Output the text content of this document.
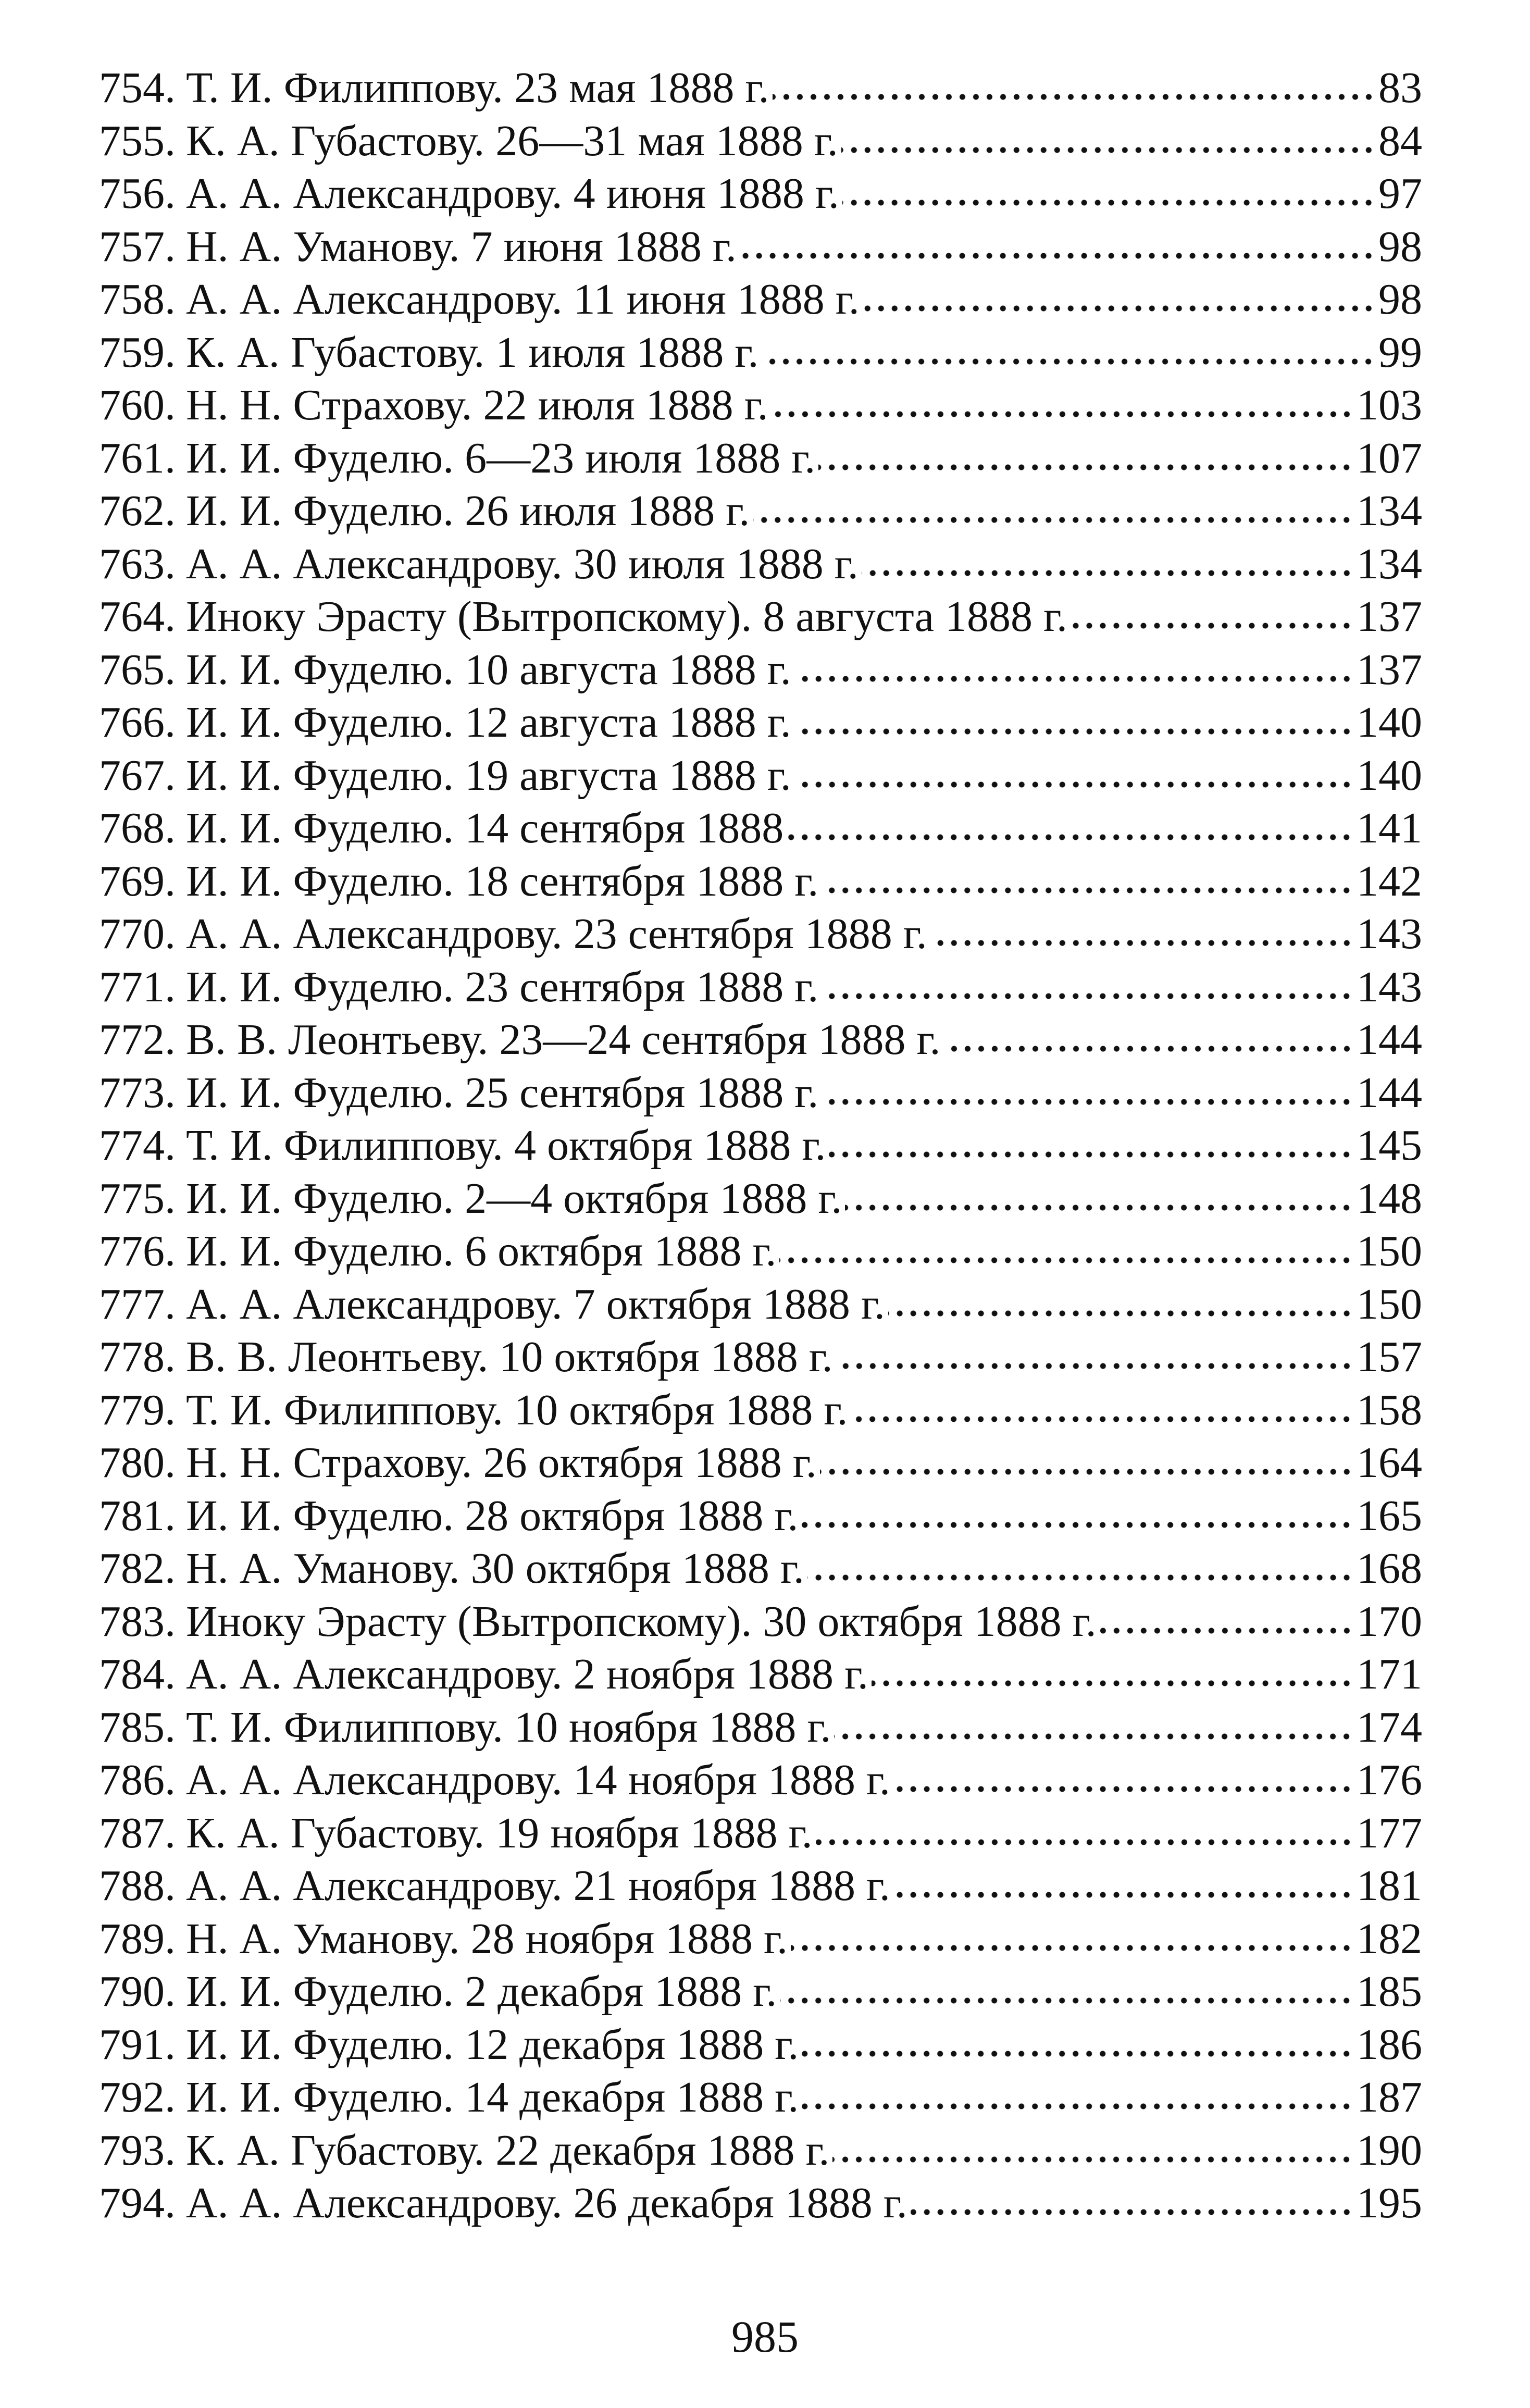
754. Т. И. Филиппову. 23 мая 1888 г.	83
755. К. А. Губастову. 26—31 мая 1888 г.	84
756. А. А. Александрову. 4 июня 1888 г.	97
757. Н. А. Уманову. 7 июня 1888 г.	98
758. А. А. Александрову. 11 июня 1888 г.	98
759. К. А. Губастову. 1 июля 1888 г.	99
760. Н. Н. Страхову. 22 июля 1888 г.	103
761. И. И. Фуделю. 6—23 июля 1888 г.	107
762. И. И. Фуделю. 26 июля 1888 г.	134
763. А. А. Александрову. 30 июля 1888 г.	134
764. Иноку Эрасту (Вытропскому). 8 августа 1888 г.	137
765. И. И. Фуделю. 10 августа 1888 г.	137
766. И. И. Фуделю. 12 августа 1888 г.	140
767. И. И. Фуделю. 19 августа 1888 г.	140
768. И. И. Фуделю. 14 сентября 1888	141
769. И. И. Фуделю. 18 сентября 1888 г.	142
770. А. А. Александрову. 23 сентября 1888 г.	143
771. И. И. Фуделю. 23 сентября 1888 г.	143
772. В. В. Леонтьеву. 23—24 сентября 1888 г.	144
773. И. И. Фуделю. 25 сентября 1888 г.	144
774. Т. И. Филиппову. 4 октября 1888 г.	145
775. И. И. Фуделю. 2—4 октября 1888 г.	148
776. И. И. Фуделю. 6 октября 1888 г.	150
777. А. А. Александрову. 7 октября 1888 г.	150
778. В. В. Леонтьеву. 10 октября 1888 г.	157
779. Т. И. Филиппову. 10 октября 1888 г.	158
780. Н. Н. Страхову. 26 октября 1888 г.	164
781. И. И. Фуделю. 28 октября 1888 г.	165
782. Н. А. Уманову. 30 октября 1888 г.	168
783. Иноку Эрасту (Вытропскому). 30 октября 1888 г.	170
784. А. А. Александрову. 2 ноября 1888 г.	171
785. Т. И. Филиппову. 10 ноября 1888 г.	174
786. А. А. Александрову. 14 ноября 1888 г.	176
787. К. А. Губастову. 19 ноября 1888 г.	177
788. А. А. Александрову. 21 ноября 1888 г.	181
789. Н. А. Уманову. 28 ноября 1888 г.	182
790. И. И. Фуделю. 2 декабря 1888 г.	185
791. И. И. Фуделю. 12 декабря 1888 г.	186
792. И. И. Фуделю. 14 декабря 1888 г.	187
793. К. А. Губастову. 22 декабря 1888 г.	190
794. А. А. Александрову. 26 декабря 1888 г.	195
985
